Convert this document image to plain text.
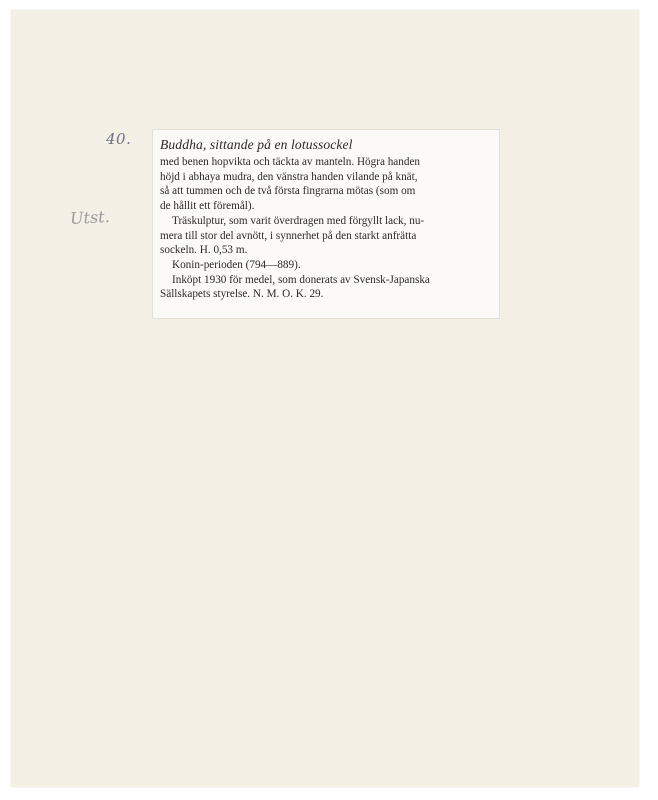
40.
Utst.

Buddha, sittande på en lotussockel

med benen hopvikta och täckta av manteln. Högra handen

höjd i abhaya mudra, den vänstra handen vilande på knät,

så att tummen och de två första fingrarna mötas (som om

de hållit ett föremål).

Träskulptur, som varit överdragen med förgyllt lack, nu-

mera till stor del avnött, i synnerhet på den starkt anfrätta

sockeln. H. 0,53 m.

Konin-perioden (794—889).

Inköpt 1930 för medel, som donerats av Svensk-Japanska

Sällskapets styrelse. N. M. O. K. 29.
